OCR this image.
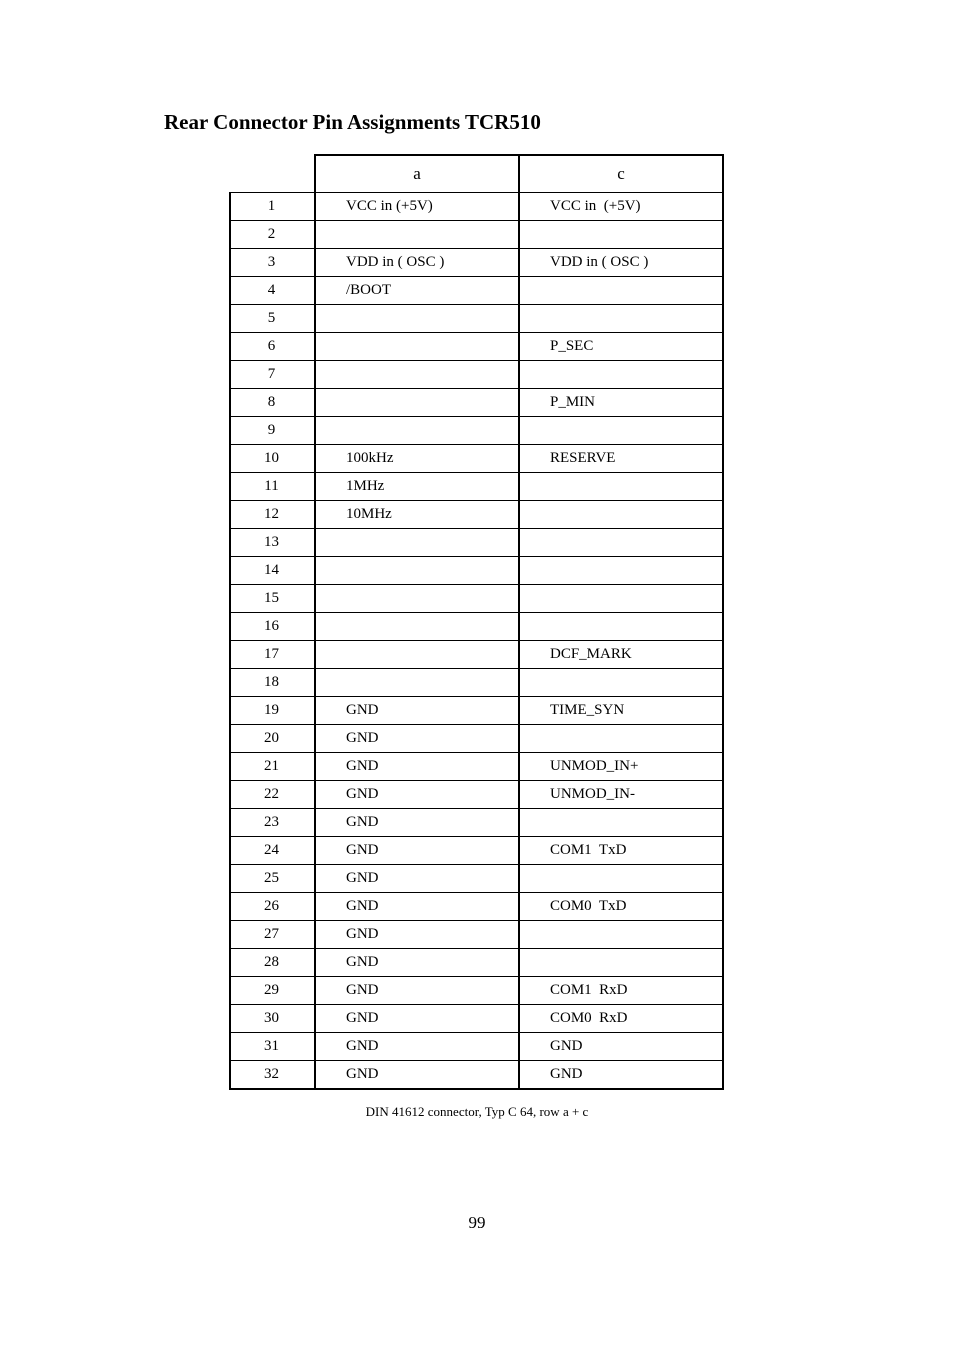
Rear Connector Pin Assignments TCR510
	a	c
1	VCC in (+5V)	VCC in  (+5V)
2		
3	VDD in ( OSC )	VDD in ( OSC )
4	/BOOT	
5		
6		P_SEC
7		
8		P_MIN
9		
10	100kHz	RESERVE
11	1MHz	
12	10MHz	
13		
14		
15		
16		
17		DCF_MARK
18		
19	GND	TIME_SYN
20	GND	
21	GND	UNMOD_IN+
22	GND	UNMOD_IN-
23	GND	
24	GND	COM1  TxD
25	GND	
26	GND	COM0  TxD
27	GND	
28	GND	
29	GND	COM1  RxD
30	GND	COM0  RxD
31	GND	GND
32	GND	GND
DIN 41612 connector, Typ C 64, row a + c
99
